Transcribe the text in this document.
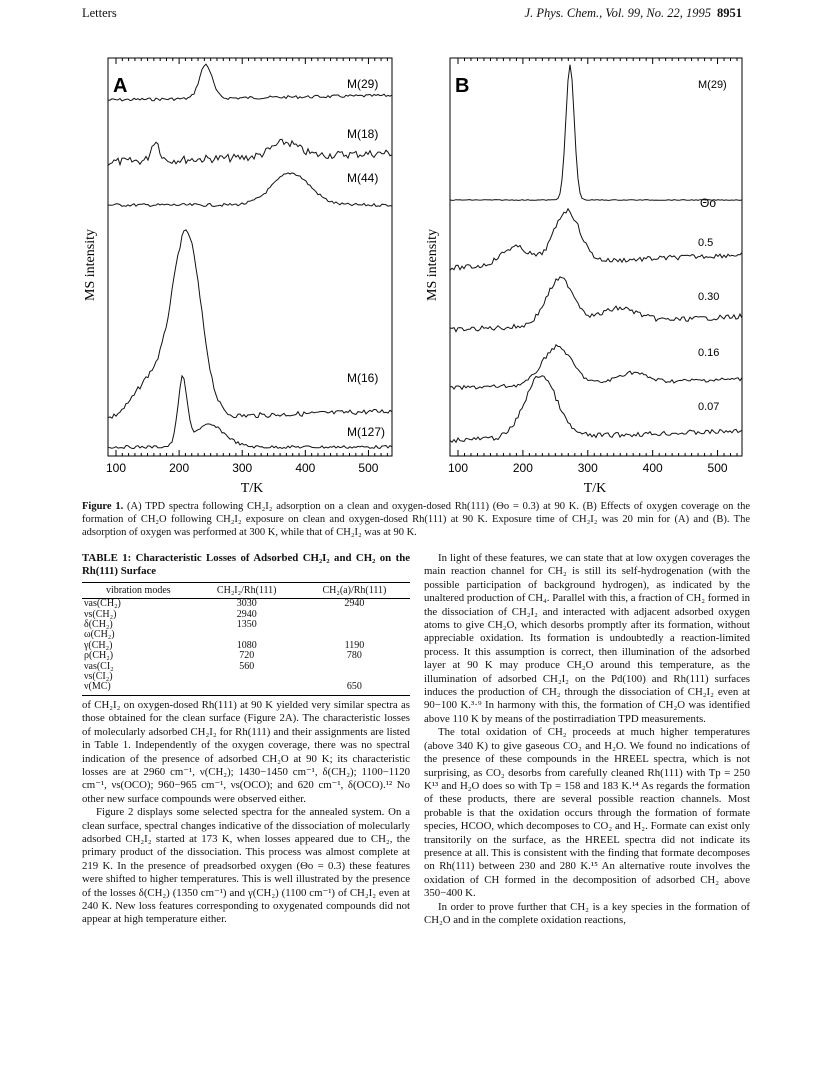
Letters	J. Phys. Chem., Vol. 99, No. 22, 1995 8951
A
MS intensity
T/K
M(29)
M(18)
M(44)
M(16)
M(127)
100	200	300	400	500
B
MS intensity
T/K
Θo
M(29)
0.5
0.30
0.16
0.07
100	200	300	400	500
Figure 1. (A) TPD spectra following CH₂I₂ adsorption on a clean and oxygen-dosed Rh(111) (Θo = 0.3) at 90 K. (B) Effects of oxygen coverage on the formation of CH₂O following CH₂I₂ exposure on clean and oxygen-dosed Rh(111) at 90 K. Exposure time of CH₂I₂ was 20 min for (A) and (B). The adsorption of oxygen was performed at 300 K, while that of CH₂I₂ was at 90 K.
TABLE 1: Characteristic Losses of Adsorbed CH₂I₂ and CH₂ on the Rh(111) Surface
vibration modes	CH₂I₂/Rh(111)	CH₂(a)/Rh(111)
νas(CH₂)	3030	2940
νs(CH₂)	2940	
δ(CH₂)	1350	
ω(CH₂)		
γ(CH₂)	1080	1190
ρ(CH₂)	720	780
νas(CI₂	560	
νs(CI₂)		
ν(MC)		650

of CH₂I₂ on oxygen-dosed Rh(111) at 90 K yielded very similar spectra as those obtained for the clean surface (Figure 2A). The characteristic losses of molecularly adsorbed CH₂I₂ for Rh(111) and their assignments are listed in Table 1. Independently of the oxygen coverage, there was no spectral indication of the presence of adsorbed CH₂O at 90 K; its characteristic losses are at 2960 cm⁻¹, ν(CH₂); 1430−1450 cm⁻¹, δ(CH₂); 1100−1120 cm⁻¹, νs(OCO); 960−965 cm⁻¹, νs(OCO); and 620 cm⁻¹, δ(OCO).¹² No other new surface compounds were observed either.

Figure 2 displays some selected spectra for the annealed system. On a clean surface, spectral changes indicative of the dissociation of molecularly adsorbed CH₂I₂ started at 173 K, when losses appeared due to CH₂, the primary product of the dissociation. This process was almost complete at 219 K. In the presence of preadsorbed oxygen (Θo = 0.3) these features were shifted to higher temperatures. This is well illustrated by the presence of the losses δ(CH₂) (1350 cm⁻¹) and γ(CH₂) (1100 cm⁻¹) of CH₂I₂ even at 240 K. New loss features corresponding to oxygenated compounds did not appear at high temperature either.

In light of these features, we can state that at low oxygen coverages the main reaction channel for CH₂ is still its self-hydrogenation (with the possible participation of background hydrogen), as indicated by the unaltered production of CH₄. Parallel with this, a fraction of CH₂ formed in the dissociation of CH₂I₂ and interacted with adjacent adsorbed oxygen atoms to give CH₂O, which desorbs promptly after its formation, without appreciable oxidation. Its formation is undoubtedly a reaction-limited process. It this assumption is correct, then illumination of the adsorbed layer at 90 K may produce CH₂O around this temperature, as the illumination of adsorbed CH₂I₂ on the Pd(100) and Rh(111) surfaces induces the production of CH₂ through the dissociation of CH₂I₂ even at 90−100 K.³·⁹ In harmony with this, the formation of CH₂O was identified above 110 K by means of the postirradiation TPD measurements.

The total oxidation of CH₂ proceeds at much higher temperatures (above 340 K) to give gaseous CO₂ and H₂O. We found no indications of the presence of these compounds in the HREEL spectra, which is not surprising, as CO₂ desorbs from carefully cleaned Rh(111) with Tp = 250 K¹³ and H₂O does so with Tp = 158 and 183 K.¹⁴ As regards the formation of these products, there are several possible reaction channels. Most probable is that the oxidation occurs through the formation of formate species, HCOO, which decomposes to CO₂ and H₂. Formate can exist only transitorily on the surface, as the HREEL spectra did not indicate its presence at all. This is consistent with the finding that formate decomposes on Rh(111) between 230 and 280 K.¹⁵ An alternative route involves the oxidation of CH formed in the decomposition of adsorbed CH₂ above 350−400 K.

In order to prove further that CH₂ is a key species in the formation of CH₂O and in the complete oxidation reactions,
